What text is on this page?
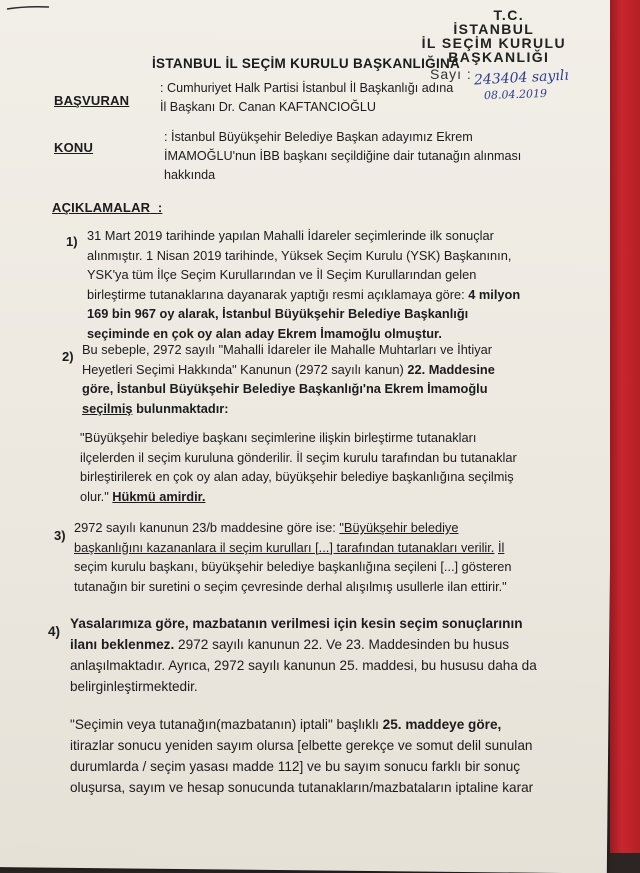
T.C.
İSTANBUL
İL SEÇİM KURULU
BAŞKANLIĞI
İSTANBUL İL SEÇİM KURULU BAŞKANLIĞINA
Sayı : 243404 sayılı
08.04.2019
BAŞVURAN
: Cumhuriyet Halk Partisi İstanbul İl Başkanlığı adına
İl Başkanı Dr. Canan KAFTANCIOĞLU
KONU
: İstanbul Büyükşehir Belediye Başkan adayımız Ekrem
İMAMOĞLU'nun İBB başkanı seçildiğine dair tutanağın alınması
hakkında
AÇIKLAMALAR :
1) 31 Mart 2019 tarihinde yapılan Mahalli İdareler seçimlerinde ilk sonuçlar
alınmıştır. 1 Nisan 2019 tarihinde, Yüksek Seçim Kurulu (YSK) Başkanının,
YSK'ya tüm İlçe Seçim Kurullarından ve İl Seçim Kurullarından gelen
birleştirme tutanaklarına dayanarak yaptığı resmi açıklamaya göre: 4 milyon
169 bin 967 oy alarak, İstanbul Büyükşehir Belediye Başkanlığı
seçiminde en çok oy alan aday Ekrem İmamoğlu olmuştur.
2) Bu sebeple, 2972 sayılı "Mahalli İdareler ile Mahalle Muhtarları ve İhtiyar
Heyetleri Seçimi Hakkında" Kanunun (2972 sayılı kanun) 22. Maddesine
göre, İstanbul Büyükşehir Belediye Başkanlığı'na Ekrem İmamoğlu
seçilmiş bulunmaktadır:
"Büyükşehir belediye başkanı seçimlerine ilişkin birleştirme tutanakları
ilçelerden il seçim kuruluna gönderilir. İl seçim kurulu tarafından bu tutanaklar
birleştirilerek en çok oy alan aday, büyükşehir belediye başkanlığına seçilmiş
olur." Hükmü amirdir.
3)
2972 sayılı kanunun 23/b maddesine göre ise: "Büyükşehir belediye
başkanlığını kazananlara il seçim kurulları [...] tarafından tutanakları verilir. İl
seçim kurulu başkanı, büyükşehir belediye başkanlığına seçileni [...] gösteren
tutanağın bir suretini o seçim çevresinde derhal alışılmış usullerle ilan ettirir."
4)
Yasalarımıza göre, mazbatanın verilmesi için kesin seçim sonuçlarının
ilanı beklenmez. 2972 sayılı kanunun 22. Ve 23. Maddesinden bu husus
anlaşılmaktadır. Ayrıca, 2972 sayılı kanunun 25. maddesi, bu hususu daha da
belirginleştirmektedir.
"Seçimin veya tutanağın(mazbatanın) iptali" başlıklı 25. maddeye göre,
itirazlar sonucu yeniden sayım olursa [elbette gerekçe ve somut delil sunulan
durumlarda / seçim yasası madde 112] ve bu sayım sonucu farklı bir sonuç
oluşursa, sayım ve hesap sonucunda tutanakların/mazbataların iptaline karar
